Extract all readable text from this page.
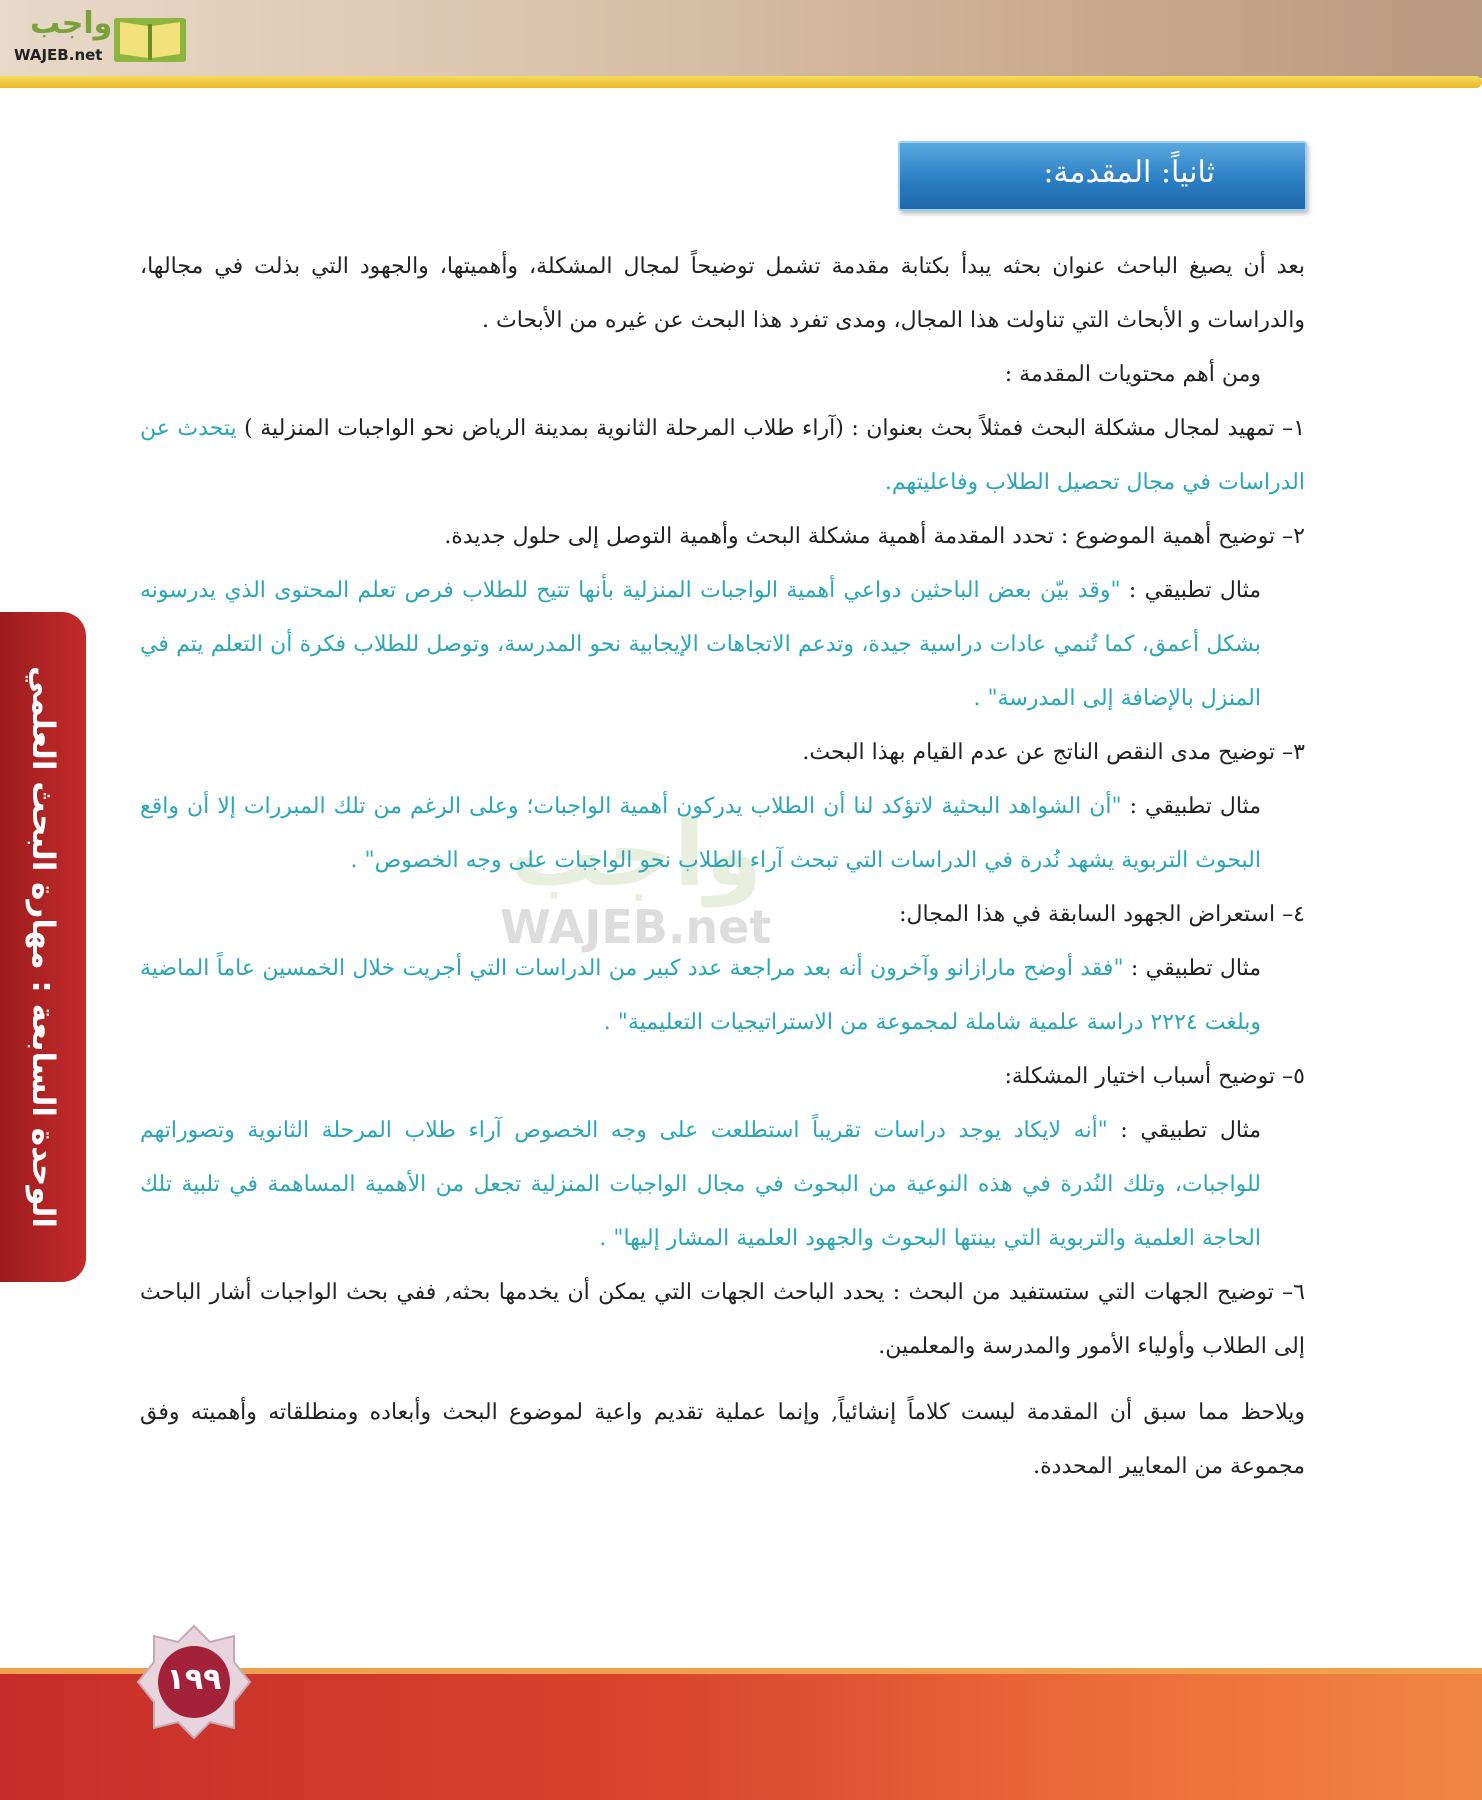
واجب
WAJEB.net
ثانياً: المقدمة:
الوحدة السابعة : مهارة البحث العلمي	واجب
WAJEB.net

بعد أن يصيغ الباحث عنوان بحثه يبدأ بكتابة مقدمة تشمل توضيحاً لمجال المشكلة، وأهميتها، والجهود التي بذلت في مجالها، والدراسات و الأبحاث التي تناولت هذا المجال، ومدى تفرد هذا البحث عن غيره من الأبحاث .

ومن أهم محتويات المقدمة :

١– تمهيد لمجال مشكلة البحث فمثلاً بحث بعنوان : (آراء طلاب المرحلة الثانوية بمدينة الرياض نحو الواجبات المنزلية ) يتحدث عن الدراسات في مجال تحصيل الطلاب وفاعليتهم.

٢– توضيح أهمية الموضوع : تحدد المقدمة أهمية مشكلة البحث وأهمية التوصل إلى حلول جديدة.

مثال تطبيقي : "وقد بيّن بعض الباحثين دواعي أهمية الواجبات المنزلية بأنها تتيح للطلاب فرص تعلم المحتوى الذي يدرسونه بشكل أعمق، كما تُنمي عادات دراسية جيدة، وتدعم الاتجاهات الإيجابية نحو المدرسة، وتوصل للطلاب فكرة أن التعلم يتم في المنزل بالإضافة إلى المدرسة" .

٣– توضيح مدى النقص الناتج عن عدم القيام بهذا البحث.

مثال تطبيقي : "أن الشواهد البحثية لاتؤكد لنا أن الطلاب يدركون أهمية الواجبات؛ وعلى الرغم من تلك المبررات إلا أن واقع البحوث التربوية يشهد نُدرة في الدراسات التي تبحث آراء الطلاب نحو الواجبات على وجه الخصوص" .

٤– استعراض الجهود السابقة في هذا المجال:

مثال تطبيقي : "فقد أوضح مارازانو وآخرون أنه بعد مراجعة عدد كبير من الدراسات التي أجريت خلال الخمسين عاماً الماضية وبلغت ٢٢٢٤ دراسة علمية شاملة لمجموعة من الاستراتيجيات التعليمية" .

٥– توضيح أسباب اختيار المشكلة:

مثال تطبيقي : "أنه لايكاد يوجد دراسات تقريباً استطلعت على وجه الخصوص آراء طلاب المرحلة الثانوية وتصوراتهم للواجبات، وتلك النُدرة في هذه النوعية من البحوث في مجال الواجبات المنزلية تجعل من الأهمية المساهمة في تلبية تلك الحاجة العلمية والتربوية التي بينتها البحوث والجهود العلمية المشار إليها" .

٦– توضيح الجهات التي ستستفيد من البحث : يحدد الباحث الجهات التي يمكن أن يخدمها بحثه, ففي بحث الواجبات أشار الباحث إلى الطلاب وأولياء الأمور والمدرسة والمعلمين.

ويلاحظ مما سبق أن المقدمة ليست كلاماً إنشائياً, وإنما عملية تقديم واعية لموضوع البحث وأبعاده ومنطلقاته وأهميته وفق مجموعة من المعايير المحددة.

١٩٩
